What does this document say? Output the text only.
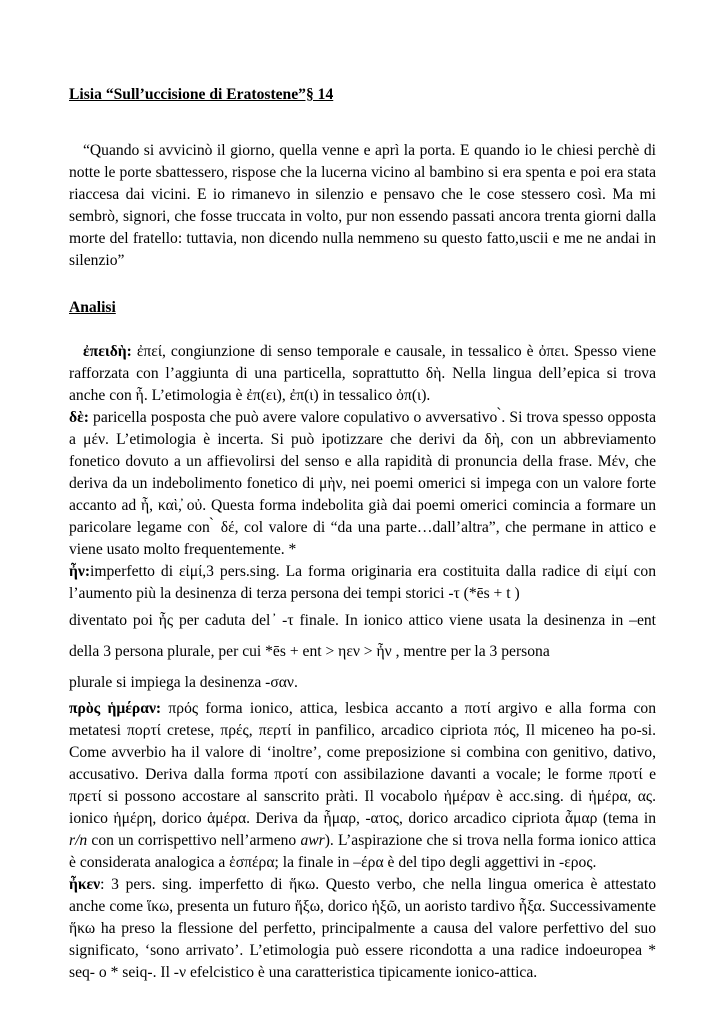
Lisia “Sull’uccisione di Eratostene”§ 14

“Quando si avvicinò il giorno, quella venne e aprì la porta. E quando io le chiesi perchè di notte le porte sbattessero, rispose che la lucerna vicino al bambino si era spenta e poi era stata riaccesa dai vicini. E io rimanevo in silenzio e pensavo che le cose stessero così. Ma mi sembrò, signori, che fosse truccata in volto, pur non essendo passati ancora trenta giorni dalla morte del fratello: tuttavia, non dicendo nulla nemmeno su questo fatto,uscii e me ne andai in silenzio”

Analisi

ἐπειδὴ: ἐπεί, congiunzione di senso temporale e causale, in tessalico è ὀπει. Spesso viene rafforzata con l’aggiunta di una particella, soprattutto δὴ. Nella lingua dell’epica si trova anche con ἦ. L’etimologia è ἐπ(ει), ἐπ(ι) in tessalico ὀπ(ι).

δὲ: paricella posposta che può avere valore copulativo o avversativo ̀. Si trova spesso opposta a μέν. L’etimologia è incerta. Si può ipotizzare che derivi da δὴ, con un abbreviamento fonetico dovuto a un affievolirsi del senso e alla rapidità di pronuncia della frase. Μέν, che deriva da un indebolimento fonetico di μὴν, nei poemi omerici si impega con un valore forte accanto ad ἦ, καὶ,̓ οὐ. Questa forma indebolita già dai poemi omerici comincia a formare un paricolare legame con ̀ δέ, col valore di “da una parte…dall’altra”, che permane in attico e viene usato molto frequentemente. *

ἦν:imperfetto di εἰμί,3 pers.sing. La forma originaria era costituita dalla radice di εἰμί con l’aumento più la desinenza di terza persona dei tempi storici -τ (*ēs + t )

diventato poi ἦς per caduta del ̓ -τ finale. In ionico attico viene usata la desinenza in –ent della 3 persona plurale, per cui *ēs + ent > ηεν > ἦν , mentre per la 3 persona

plurale si impiega la desinenza -σαν.

πρὸς ἡμέραν: πρός forma ionico, attica, lesbica accanto a ποτί argivo e alla forma con metatesi πορτί cretese, πρές, περτί in panfilico, arcadico cipriota πός, Il miceneo ha po-si. Come avverbio ha il valore di ‘inoltre’, come preposizione si combina con genitivo, dativo, accusativo. Deriva dalla forma προτί con assibilazione davanti a vocale; le forme προτί e πρετί si possono accostare al sanscrito pràti. Il vocabolo ἡμέραν è acc.sing. di ἡμέρα, ας. ionico ἡμέρη, dorico ἁμέρα. Deriva da ἦμαρ, -ατος, dorico arcadico cipriota ἆμαρ (tema in r/n con un corrispettivo nell’armeno awr). L’aspirazione che si trova nella forma ionico attica è considerata analogica a ἑσπέρα; la finale in –έρα è del tipo degli aggettivi in -ερος.

ἦκεν: 3 pers. sing. imperfetto di ἥκω. Questo verbo, che nella lingua omerica è attestato anche come ἵκω, presenta un futuro ἥξω, dorico ἡξῶ, un aoristo tardivo ἧξα. Successivamente ἥκω ha preso la flessione del perfetto, principalmente a causa del valore perfettivo del suo significato, ‘sono arrivato’. L’etimologia può essere ricondotta a una radice indoeuropea * seq- o * seiq-. Il -ν efelcistico è una caratteristica tipicamente ionico-attica.
